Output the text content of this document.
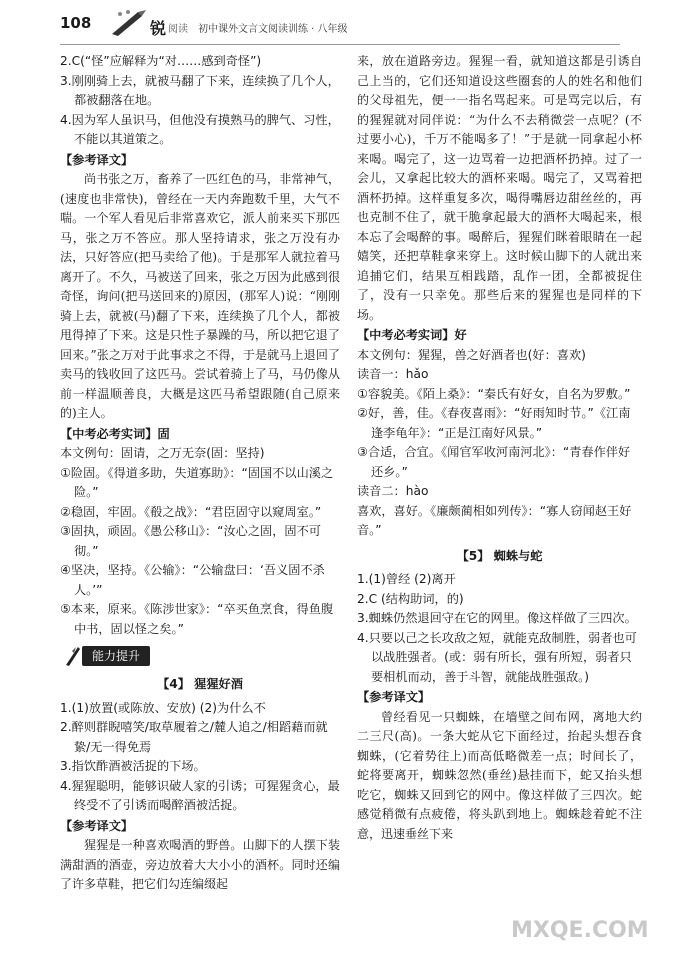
108	锐 阅读 初中课外文言文阅读训练 · 八年级

2.C(“怪”应解释为“对……感到奇怪”)

3.刚刚骑上去，就被马翻了下来，连续换了几个人，都被翻落在地。

4.因为军人虽识马，但他没有摸熟马的脾气、习性，不能以其道策之。

【参考译文】

尚书张之万，畜养了一匹红色的马，非常神气，(速度也非常快)，曾经在一天内奔跑数千里，大气不喘。一个军人看见后非常喜欢它，派人前来买下那匹马，张之万不答应。那人坚持请求，张之万没有办法，只好答应(把马卖给了他)。于是那军人就拉着马离开了。不久，马被送了回来，张之万因为此感到很奇怪，询问(把马送回来的)原因，(那军人)说：“刚刚骑上去，就被(马)翻了下来，连续换了几个人，都被甩得掉了下来。这是只性子暴躁的马，所以把它退了回来。”张之万对于此事求之不得，于是就马上退回了卖马的钱收回了这匹马。尝试着骑上了马，马仍像从前一样温顺善良，大概是这匹马希望跟随(自己原来的)主人。

【中考必考实词】固

本文例句：固请，之万无奈(固：坚持)

①险固。《得道多助，失道寡助》：“固国不以山溪之险。”

②稳固，牢固。《殽之战》：“君臣固守以窥周室。”

③固执，顽固。《愚公移山》：“汝心之固，固不可彻。”

④坚决，坚持。《公输》：“公输盘曰：‘吾义固不杀人。’”

⑤本来，原来。《陈涉世家》：“卒买鱼烹食，得鱼腹中书，固以怪之矣。”

能力提升

【4】 猩猩好酒

1.(1)放置(或陈放、安放) (2)为什么不

2.醉则群睨嘻笑/取草履着之/麓人追之/相蹈藉而就絷/无一得免焉

3.指饮酢酒被活捉的下场。

4.猩猩聪明，能够识破人家的引诱；可猩猩贪心，最终受不了引诱而喝醉酒被活捉。

【参考译文】

猩猩是一种喜欢喝酒的野兽。山脚下的人摆下装满甜酒的酒壶，旁边放着大大小小的酒杯。同时还编了许多草鞋，把它们勾连编缀起

来，放在道路旁边。猩猩一看，就知道这都是引诱自己上当的，它们还知道设这些圈套的人的姓名和他们的父母祖先，便一一指名骂起来。可是骂完以后，有的猩猩就对同伴说：“为什么不去稍微尝一点呢？(不过要小心)，千万不能喝多了！”于是就一同拿起小杯来喝。喝完了，这一边骂着一边把酒杯扔掉。过了一会儿，又拿起比较大的酒杯来喝。喝完了，又骂着把酒杯扔掉。这样重复多次，喝得嘴唇边甜丝丝的，再也克制不住了，就干脆拿起最大的酒杯大喝起来，根本忘了会喝醉的事。喝醉后，猩猩们眯着眼睛在一起嬉笑，还把草鞋拿来穿上。这时候山脚下的人就出来追捕它们，结果互相践踏，乱作一团，全都被捉住了，没有一只幸免。那些后来的猩猩也是同样的下场。

【中考必考实词】好

本文例句：猩猩，兽之好酒者也(好：喜欢)

读音一：hǎo

①容貌美。《陌上桑》：“秦氏有好女，自名为罗敷。”

②好，善，佳。《春夜喜雨》：“好雨知时节。”《江南逢李龟年》：“正是江南好风景。”

③合适，合宜。《闻官军收河南河北》：“青春作伴好还乡。”

读音二：hào

喜欢，喜好。《廉颇蔺相如列传》：“寡人窃闻赵王好音。”

【5】 蜘蛛与蛇

1.(1)曾经 (2)离开

2.C (结构助词，的)

3.蜘蛛仍然退回守在它的网里。像这样做了三四次。

4.只要以己之长攻敌之短，就能克敌制胜，弱者也可以战胜强者。(或：弱有所长，强有所短，弱者只要相机而动，善于斗智，就能战胜强敌。)

【参考译文】

曾经看见一只蜘蛛，在墙壁之间布网，离地大约二三尺(高)。一条大蛇从它下面经过，抬起头想吞食蜘蛛，(它着势往上)而高低略微差一点；时间长了，蛇将要离开，蜘蛛忽然(垂丝)悬挂而下，蛇又抬头想吃它，蜘蛛又回到它的网中。像这样做了三四次。蛇感觉稍微有点疲倦，将头趴到地上。蜘蛛趁着蛇不注意，迅速垂丝下来

MXQE.COM
